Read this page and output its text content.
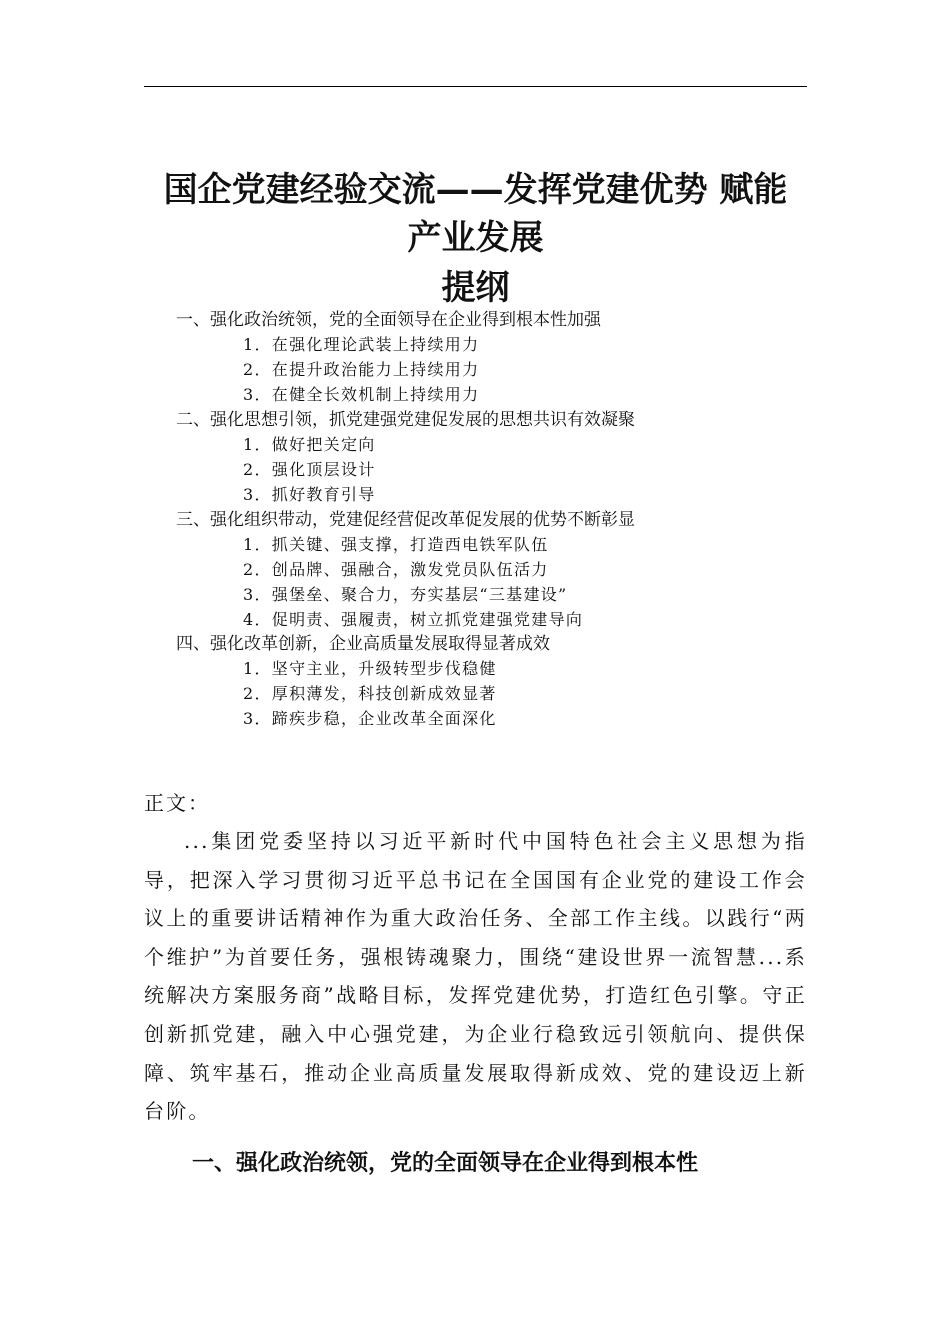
国企党建经验交流——发挥党建优势 赋能
产业发展
提纲
一、强化政治统领，党的全面领导在企业得到根本性加强
1．在强化理论武装上持续用力
2．在提升政治能力上持续用力
3．在健全长效机制上持续用力
二、强化思想引领，抓党建强党建促发展的思想共识有效凝聚
1．做好把关定向
2．强化顶层设计
3．抓好教育引导
三、强化组织带动，党建促经营促改革促发展的优势不断彰显
1．抓关键、强支撑，打造西电铁军队伍
2．创品牌、强融合，激发党员队伍活力
3．强堡垒、聚合力，夯实基层“三基建设”
4．促明责、强履责，树立抓党建强党建导向
四、强化改革创新，企业高质量发展取得显著成效
1．坚守主业，升级转型步伐稳健
2．厚积薄发，科技创新成效显著
3．蹄疾步稳，企业改革全面深化
正文：

...集团党委坚持以习近平新时代中国特色社会主义思想为指导，把深入学习贯彻习近平总书记在全国国有企业党的建设工作会议上的重要讲话精神作为重大政治任务、全部工作主线。以践行“两个维护”为首要任务，强根铸魂聚力，围绕“建设世界一流智慧...系统解决方案服务商”战略目标，发挥党建优势，打造红色引擎。守正创新抓党建，融入中心强党建，为企业行稳致远引领航向、提供保障、筑牢基石，推动企业高质量发展取得新成效、党的建设迈上新台阶。

一、强化政治统领，党的全面领导在企业得到根本性
